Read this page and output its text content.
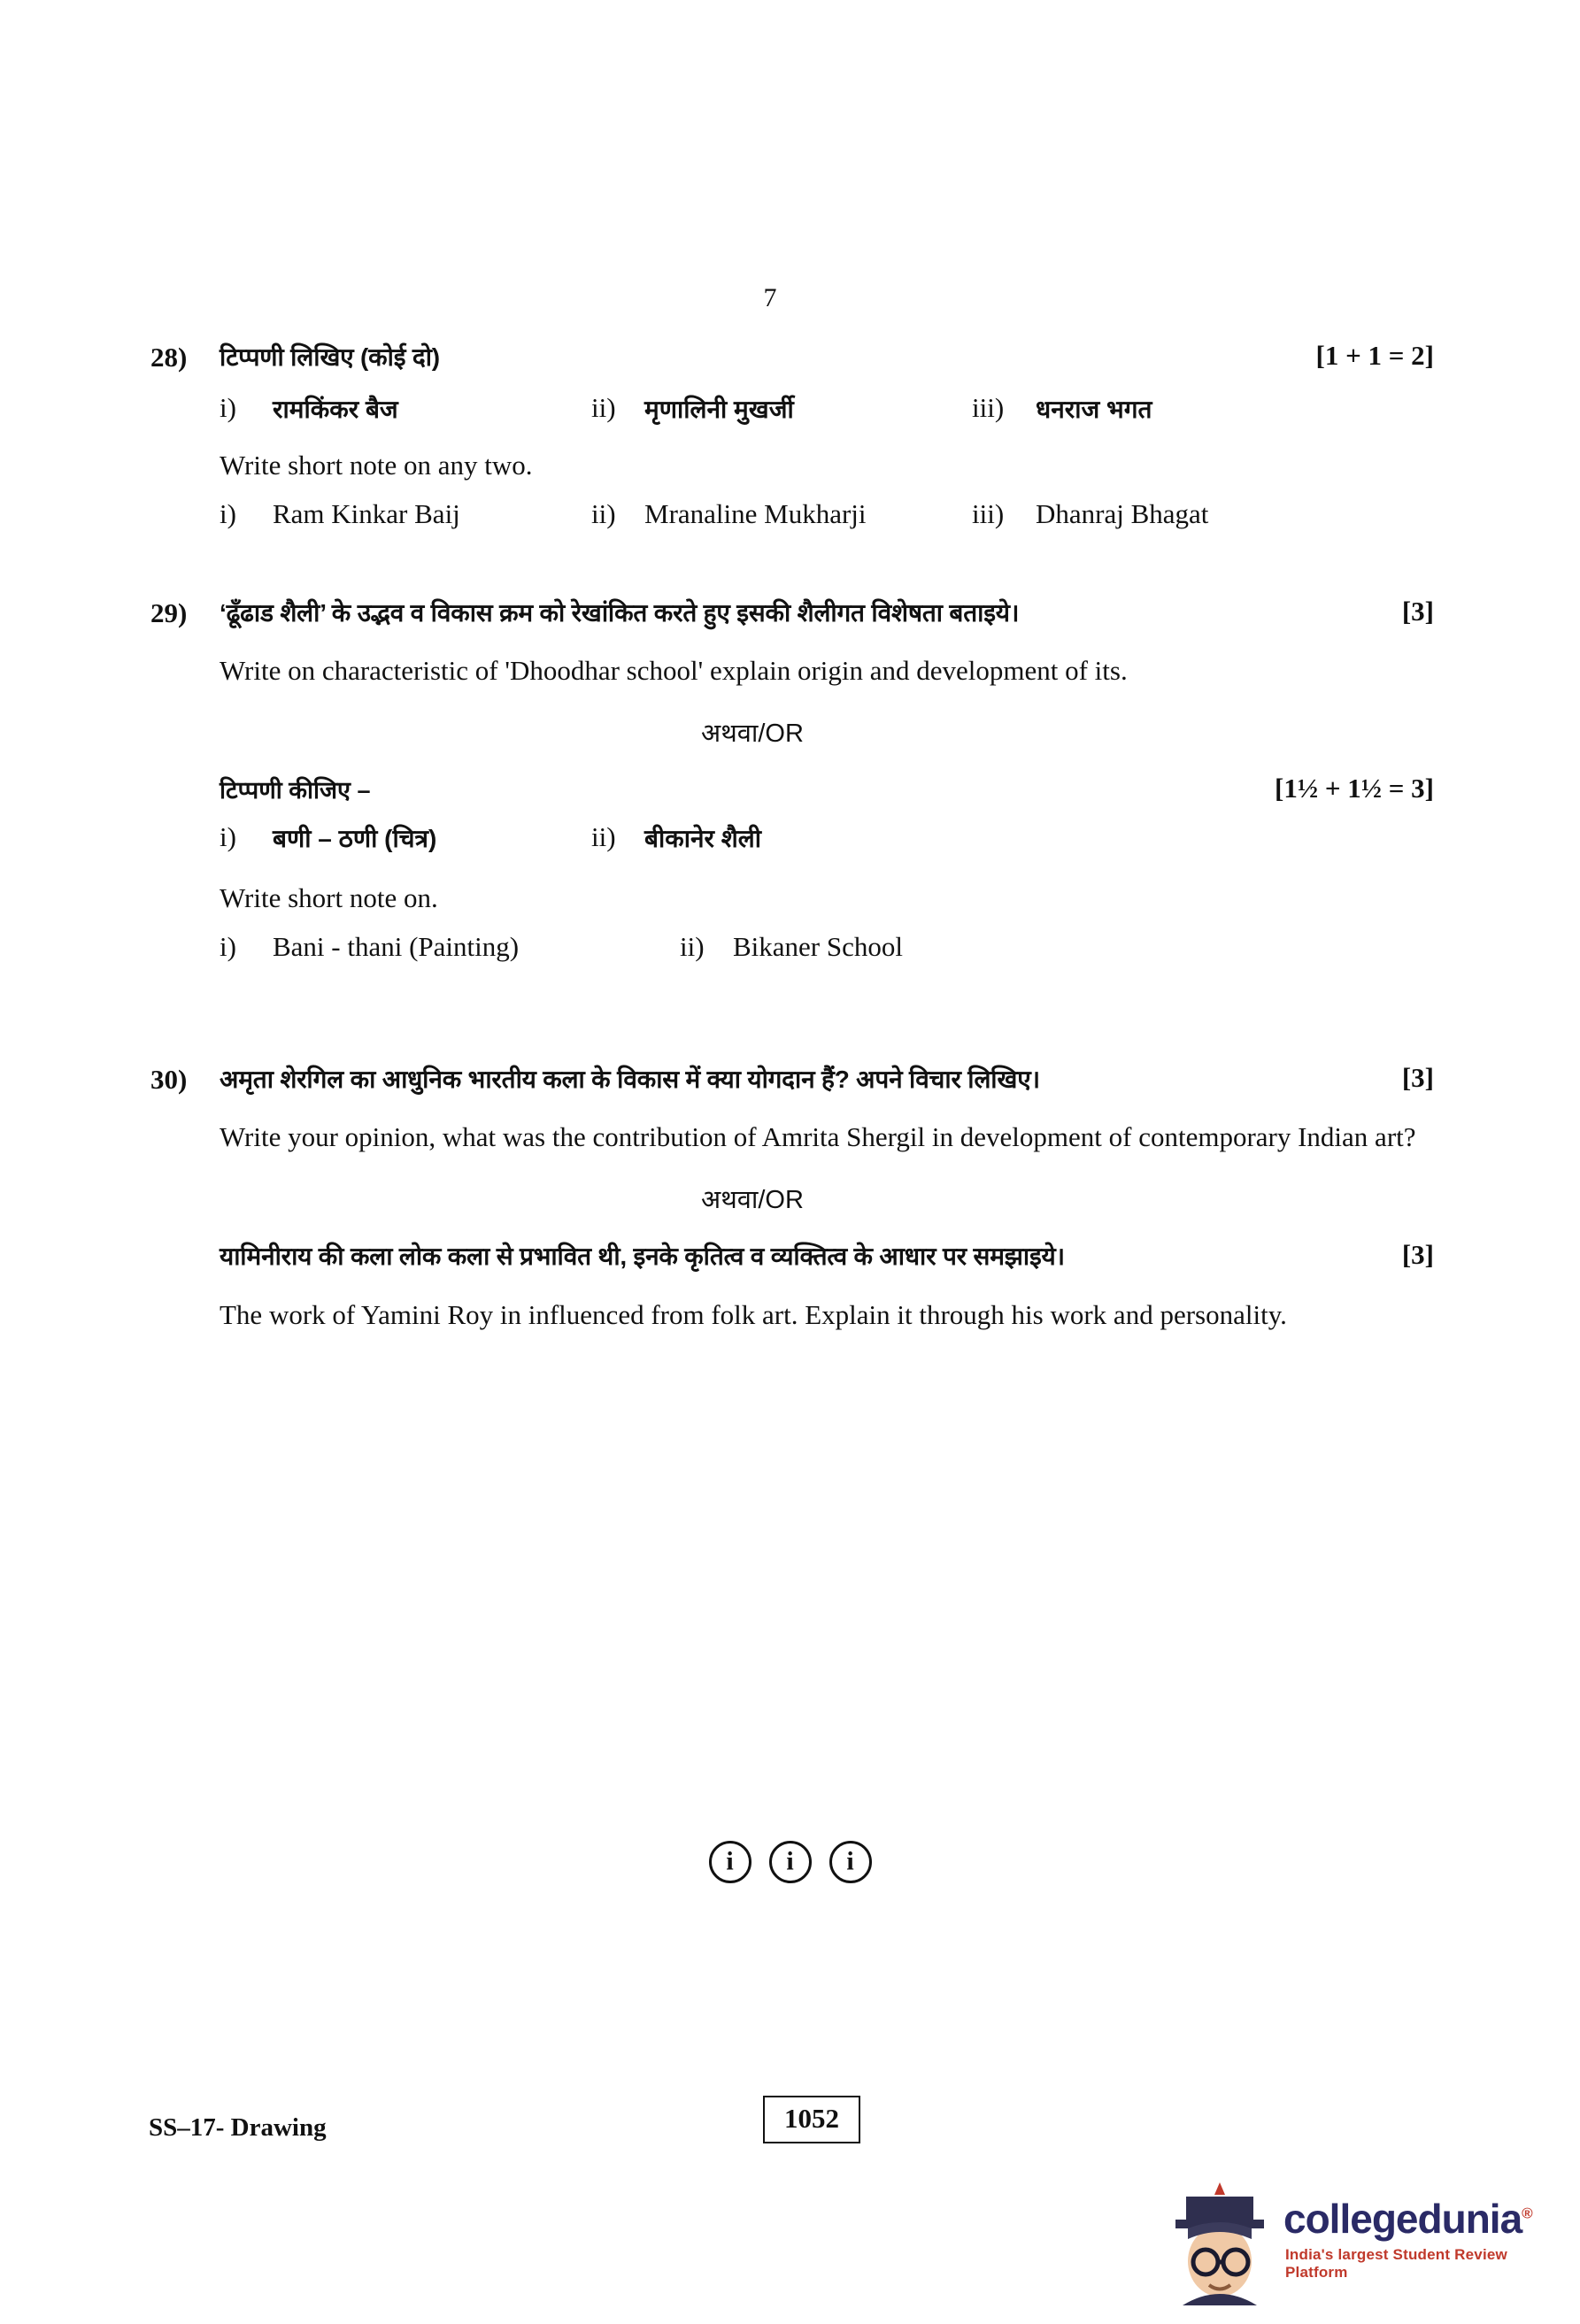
7
28)	टिप्पणी लिखिए (कोई दो)	[1 + 1 = 2]
i)	रामकिंकर बैज	ii)	मृणालिनी मुखर्जी	iii)	धनराज भगत
Write short note on any two.
i)	Ram Kinkar Baij	ii)	Mranaline Mukharji	iii)	Dhanraj Bhagat
29)	‘ढूँढाड शैली’ के उद्भव व विकास क्रम को रेखांकित करते हुए इसकी शैलीगत विशेषता बताइये।	[3]
Write on characteristic of 'Dhoodhar school' explain origin and development of its.
अथवा/OR
टिप्पणी कीजिए –	[1½ + 1½ = 3]
i)	बणी – ठणी (चित्र)	ii)	बीकानेर शैली
Write short note on.
i)	Bani - thani (Painting)	ii)	Bikaner School
30)	अमृता शेरगिल का आधुनिक भारतीय कला के विकास में क्या योगदान हैं? अपने विचार लिखिए।	[3]
Write your opinion, what was the contribution of Amrita Shergil in development of contemporary Indian art?
अथवा/OR
यामिनीराय की कला लोक कला से प्रभावित थी, इनके कृतित्व व व्यक्तित्व के आधार पर समझाइये।	[3]
The work of Yamini Roy in influenced from folk art. Explain it through his work and personality.
i i i
SS–17- Drawing	1052
collegedunia®
India's largest Student Review Platform
